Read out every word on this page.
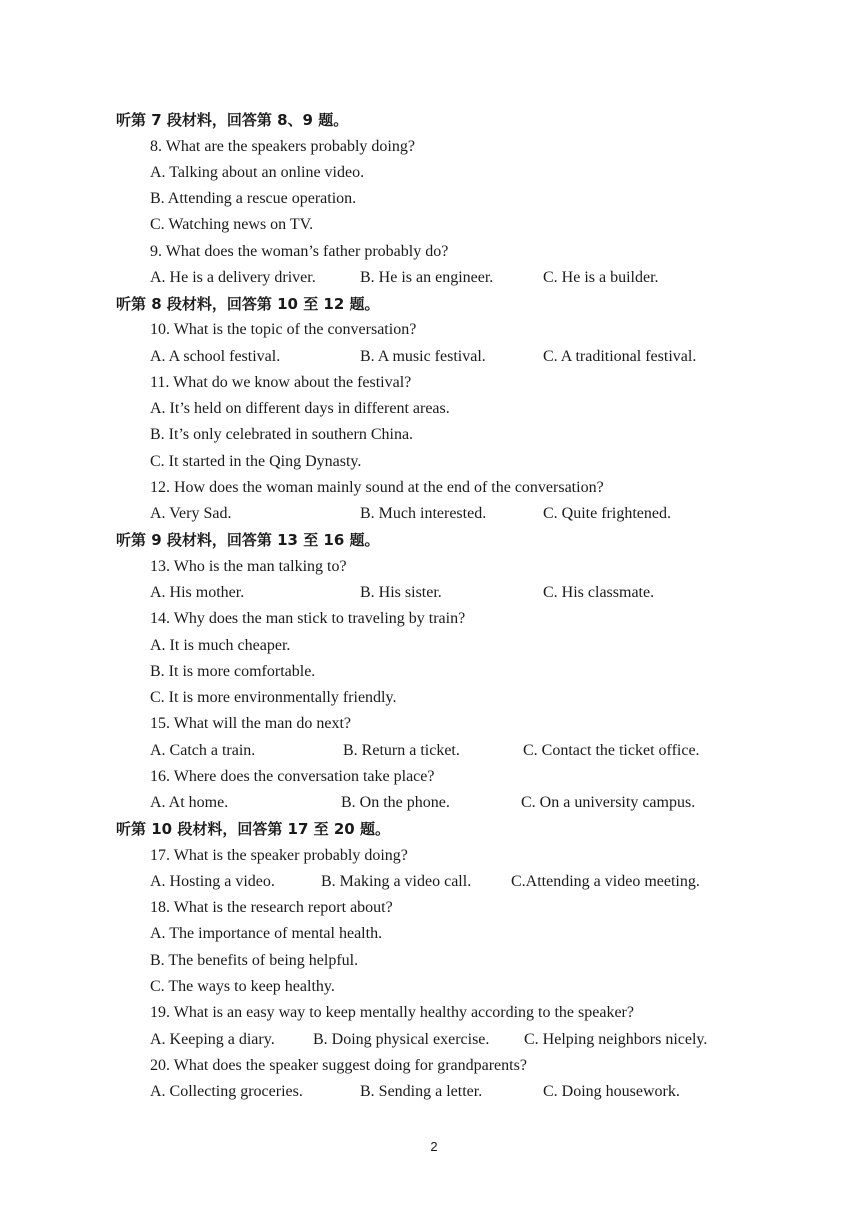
听第 7 段材料，回答第 8、9 题。
8. What are the speakers probably doing?
A. Talking about an online video.
B. Attending a rescue operation.
C. Watching news on TV.
9. What does the woman’s father probably do?
A. He is a delivery driver.	B. He is an engineer.	C. He is a builder.
听第 8 段材料，回答第 10 至 12 题。
10. What is the topic of the conversation?
A. A school festival.	B. A music festival.	C. A traditional festival.
11. What do we know about the festival?
A. It’s held on different days in different areas.
B. It’s only celebrated in southern China.
C. It started in the Qing Dynasty.
12. How does the woman mainly sound at the end of the conversation?
A. Very Sad.	B. Much interested.	C. Quite frightened.
听第 9 段材料，回答第 13 至 16 题。
13. Who is the man talking to?
A. His mother.	B. His sister.	C. His classmate.
14. Why does the man stick to traveling by train?
A. It is much cheaper.
B. It is more comfortable.
C. It is more environmentally friendly.
15. What will the man do next?
A. Catch a train.	B. Return a ticket.	C. Contact the ticket office.
16. Where does the conversation take place?
A. At home.	B. On the phone.	C. On a university campus.
听第 10 段材料，回答第 17 至 20 题。
17. What is the speaker probably doing?
A. Hosting a video.	B. Making a video call. C.Attending a video meeting.
18. What is the research report about?
A. The importance of mental health.
B. The benefits of being helpful.
C. The ways to keep healthy.
19. What is an easy way to keep mentally healthy according to the speaker?
A. Keeping a diary. B. Doing physical exercise. C. Helping neighbors nicely.
20. What does the speaker suggest doing for grandparents?
A. Collecting groceries.	B. Sending a letter.	C. Doing housework.
2
